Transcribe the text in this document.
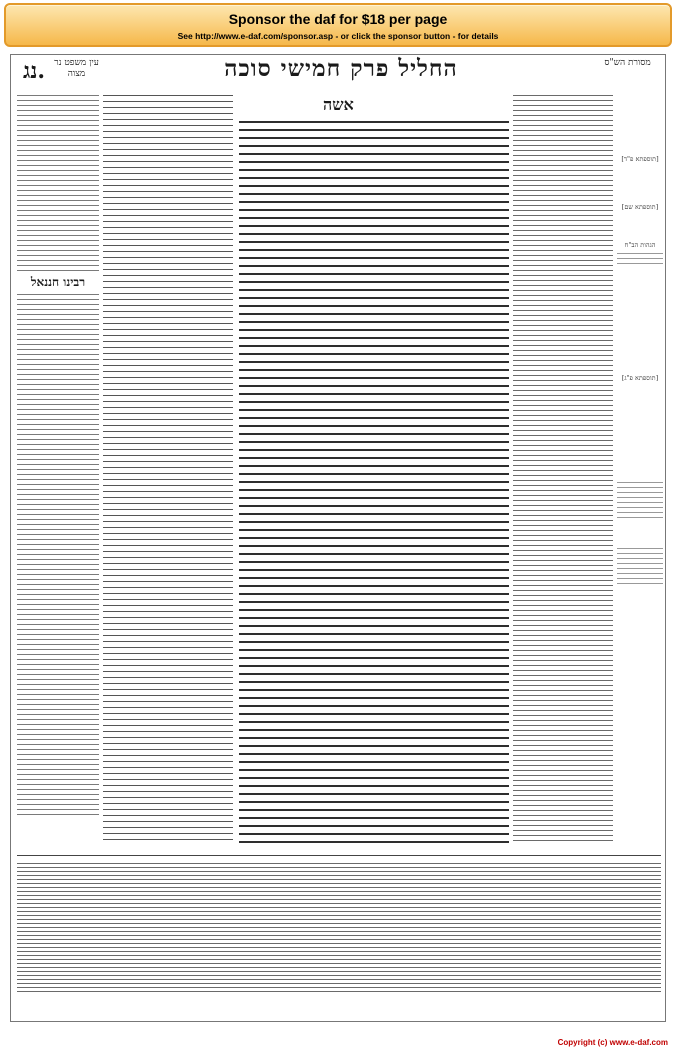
Sponsor the daf for $18 per page
See http://www.e-daf.com/sponsor.asp - or click the sponsor button - for details
נג.	עין משפט נר מצוה	החליל פרק חמישי סוכה	מסורת הש"ס
רבינו חננאל
אשה
[תוספתא פ"ד]
[תוספתא שם]
הגהות הב"ח
[תוספתא פ"ג]
Copyright (c) www.e-daf.com
